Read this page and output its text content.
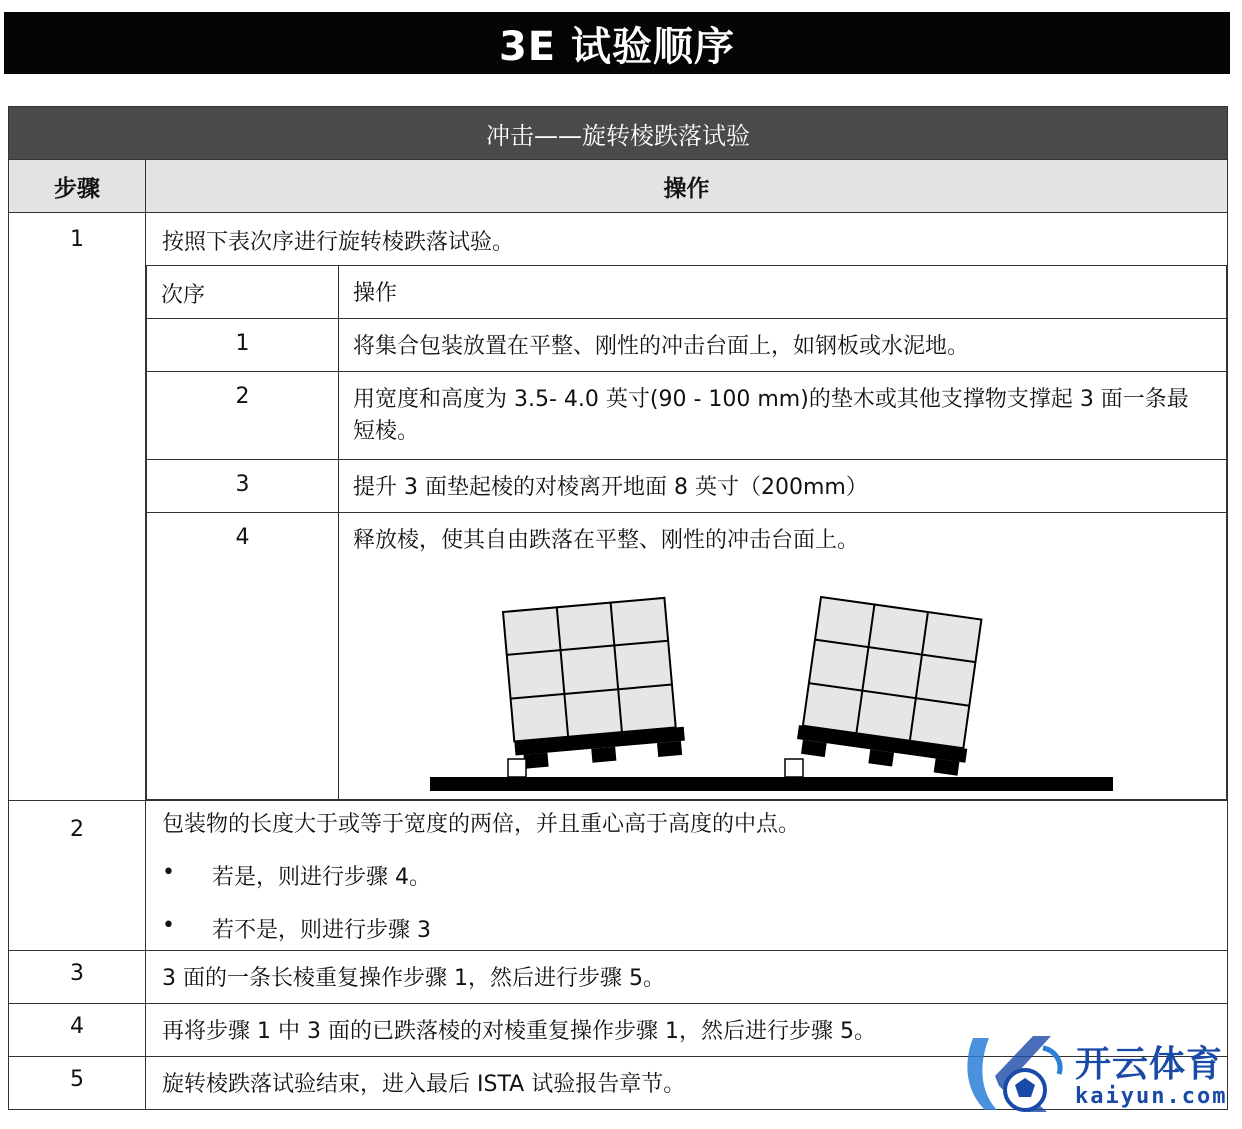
3E 试验顺序
冲击——旋转棱跌落试验
步骤	操作
1	按照下表次序进行旋转棱跌落试验。
次序	操作
1	将集合包装放置在平整、刚性的冲击台面上，如钢板或水泥地。
2	用宽度和高度为 3.5- 4.0 英寸(90 - 100 mm)的垫木或其他支撑物支撑起 3 面一条最短棱。
3	提升 3 面垫起棱的对棱离开地面 8 英寸（200mm）
4	释放棱，使其自由跌落在平整、刚性的冲击台面上。

2	包装物的长度大于或等于宽度的两倍，并且重心高于高度的中点。
•	若是，则进行步骤 4。
•	若不是，则进行步骤 3

3	3 面的一条长棱重复操作步骤 1，然后进行步骤 5。
4	再将步骤 1 中 3 面的已跌落棱的对棱重复操作步骤 1，然后进行步骤 5。
5	旋转棱跌落试验结束，进入最后 ISTA 试验报告章节。	开云体育
kaiyun.com
